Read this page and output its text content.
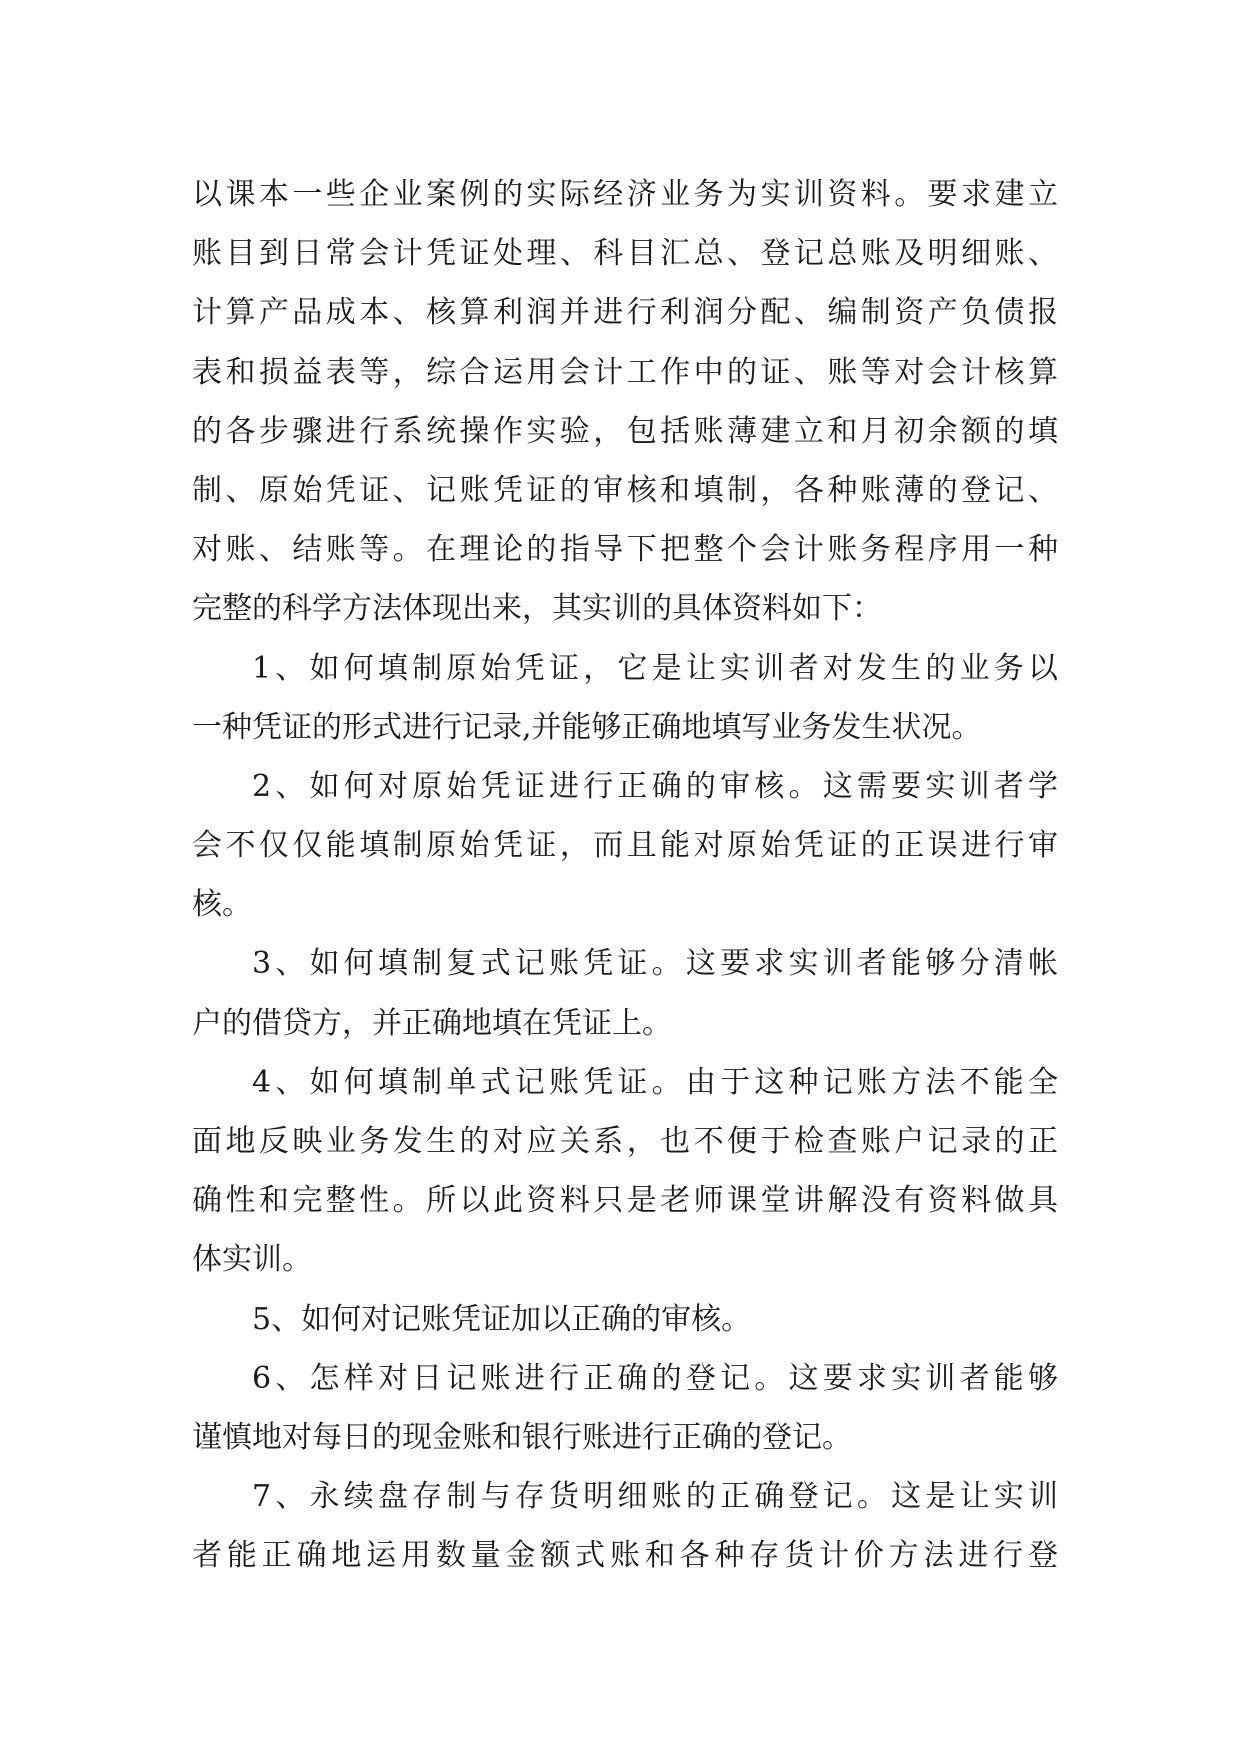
以课本一些企业案例的实际经济业务为实训资料。要求建立
账目到日常会计凭证处理、科目汇总、登记总账及明细账、
计算产品成本、核算利润并进行利润分配、编制资产负债报
表和损益表等，综合运用会计工作中的证、账等对会计核算
的各步骤进行系统操作实验，包括账薄建立和月初余额的填
制、原始凭证、记账凭证的审核和填制，各种账薄的登记、
对账、结账等。在理论的指导下把整个会计账务程序用一种
完整的科学方法体现出来，其实训的具体资料如下：
1、如何填制原始凭证，它是让实训者对发生的业务以
一种凭证的形式进行记录,并能够正确地填写业务发生状况。
2、如何对原始凭证进行正确的审核。这需要实训者学
会不仅仅能填制原始凭证，而且能对原始凭证的正误进行审
核。
3、如何填制复式记账凭证。这要求实训者能够分清帐
户的借贷方，并正确地填在凭证上。
4、如何填制单式记账凭证。由于这种记账方法不能全
面地反映业务发生的对应关系，也不便于检查账户记录的正
确性和完整性。所以此资料只是老师课堂讲解没有资料做具
体实训。
5、如何对记账凭证加以正确的审核。
6、怎样对日记账进行正确的登记。这要求实训者能够
谨慎地对每日的现金账和银行账进行正确的登记。
7、永续盘存制与存货明细账的正确登记。这是让实训
者能正确地运用数量金额式账和各种存货计价方法进行登
